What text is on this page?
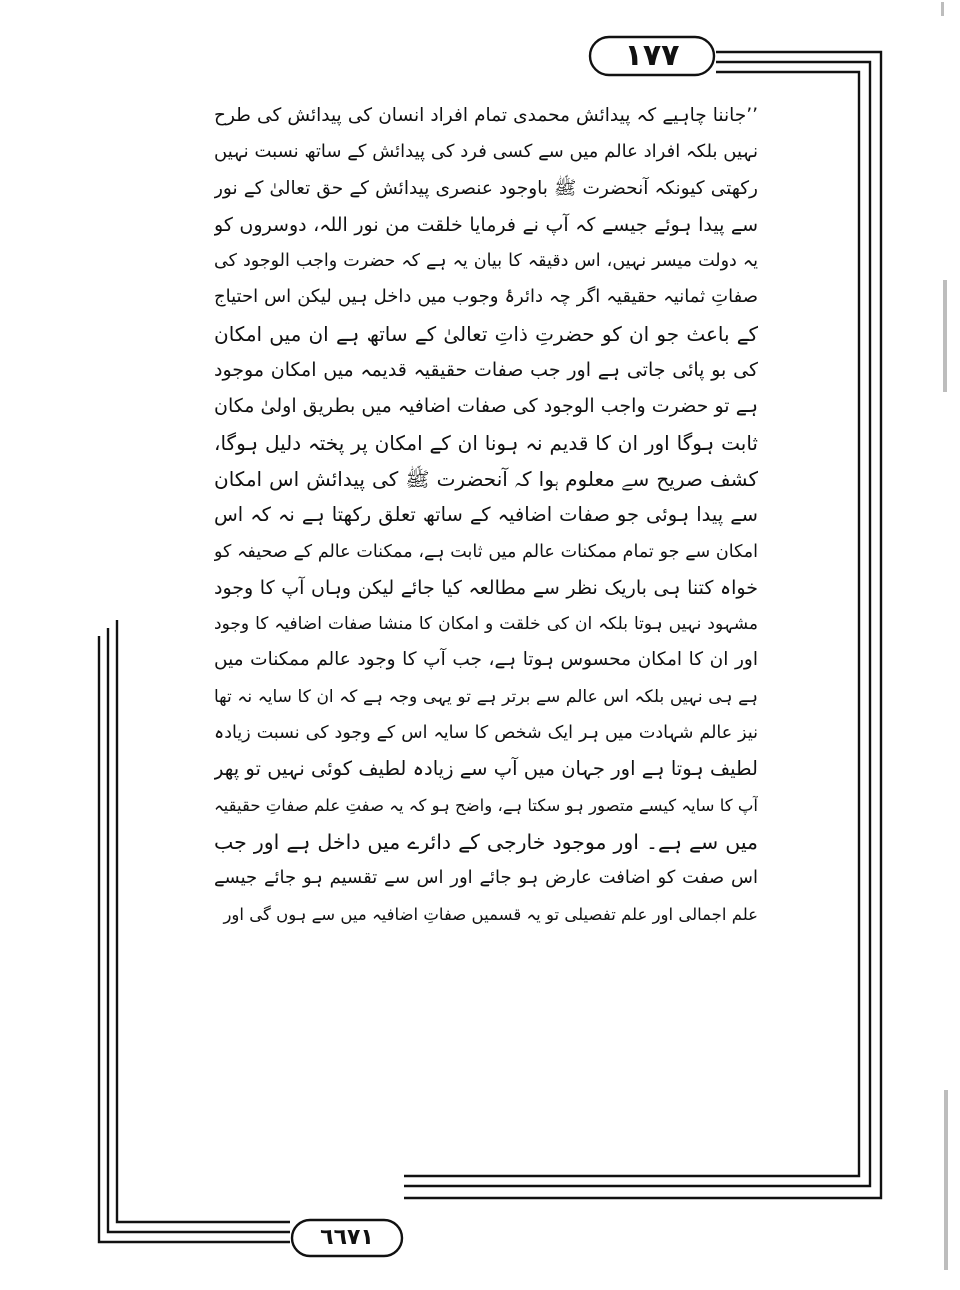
۱۷۷
٦٦٧١
’’جاننا چاہیے کہ پیدائش محمدی تمام افراد انسان کی پیدائش کی طرح
نہیں بلکہ افراد عالم میں سے کسی فرد کی پیدائش کے ساتھ نسبت نہیں
رکھتی کیونکہ آنحضرت ﷺ باوجود عنصری پیدائش کے حق تعالیٰ کے نور
سے پیدا ہوئے جیسے کہ آپ نے فرمایا خلقت من نور اللہ، دوسروں کو
یہ دولت میسر نہیں، اس دقیقہ کا بیان یہ ہے کہ حضرت واجب الوجود کی
صفاتِ ثمانیہ حقیقیہ اگر چہ دائرۂ وجوب میں داخل ہیں لیکن اس احتیاج
کے باعث جو ان کو حضرتِ ذاتِ تعالیٰ کے ساتھ ہے ان میں امکان
کی بو پائی جاتی ہے اور جب صفات حقیقیہ قدیمہ میں امکان موجود
ہے تو حضرت واجب الوجود کی صفات اضافیہ میں بطریق اولیٰ مکان
ثابت ہوگا اور ان کا قدیم نہ ہونا ان کے امکان پر پختہ دلیل ہوگا،
کشف صریح سے معلوم ہوا کہ آنحضرت ﷺ کی پیدائش اس امکان
سے پیدا ہوئی جو صفات اضافیہ کے ساتھ تعلق رکھتا ہے نہ کہ اس
امکان سے جو تمام ممکنات عالم میں ثابت ہے، ممکنات عالم کے صحیفہ کو
خواہ کتنا ہی باریک نظر سے مطالعہ کیا جائے لیکن وہاں آپ کا وجود
مشہود نہیں ہوتا بلکہ ان کی خلقت و امکان کا منشا صفات اضافیہ کا وجود
اور ان کا امکان محسوس ہوتا ہے، جب آپ کا وجود عالم ممکنات میں
ہے ہی نہیں بلکہ اس عالم سے برتر ہے تو یہی وجہ ہے کہ ان کا سایہ نہ تھا
نیز عالم شہادت میں ہر ایک شخص کا سایہ اس کے وجود کی نسبت زیادہ
لطیف ہوتا ہے اور جہان میں آپ سے زیادہ لطیف کوئی نہیں تو پھر
آپ کا سایہ کیسے متصور ہو سکتا ہے، واضح ہو کہ یہ صفتِ علم صفاتِ حقیقیہ
میں سے ہے۔ اور موجود خارجی کے دائرے میں داخل ہے اور جب
اس صفت کو اضافت عارض ہو جائے اور اس سے تقسیم ہو جائے جیسے
علم اجمالی اور علم تفصیلی تو یہ قسمیں صفاتِ اضافیہ میں سے ہوں گی اور
